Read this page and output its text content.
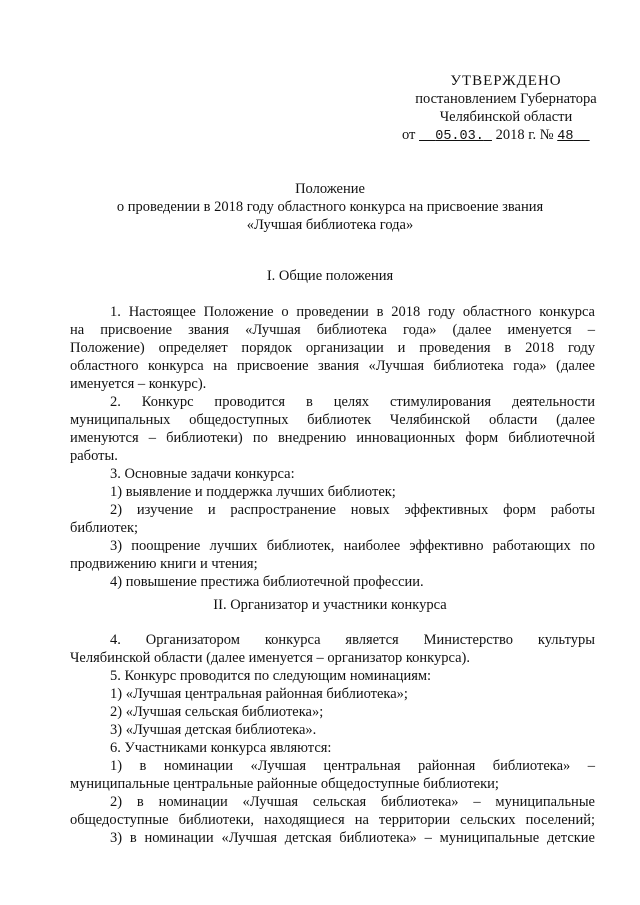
УТВЕРЖДЕНО
постановлением Губернатора
Челябинской области
от 05.03. 2018 г. № 48
Положение
о проведении в 2018 году областного конкурса на присвоение звания
«Лучшая библиотека года»
I. Общие положения

1. Настоящее Положение о проведении в 2018 году областного конкурса

на присвоение звания «Лучшая библиотека года» (далее именуется –

Положение) определяет порядок организации и проведения в 2018 году

областного конкурса на присвоение звания «Лучшая библиотека года» (далее

именуется – конкурс).

2. Конкурс проводится в целях стимулирования деятельности

муниципальных общедоступных библиотек Челябинской области (далее

именуются – библиотеки) по внедрению инновационных форм библиотечной

работы.

3. Основные задачи конкурса:

1) выявление и поддержка лучших библиотек;

2) изучение и распространение новых эффективных форм работы

библиотек;

3) поощрение лучших библиотек, наиболее эффективно работающих по

продвижению книги и чтения;

4) повышение престижа библиотечной профессии.

II. Организатор и участники конкурса

4. Организатором конкурса является Министерство культуры

Челябинской области (далее именуется – организатор конкурса).

5. Конкурс проводится по следующим номинациям:

1) «Лучшая центральная районная библиотека»;

2) «Лучшая сельская библиотека»;

3) «Лучшая детская библиотека».

6. Участниками конкурса являются:

1) в номинации «Лучшая центральная районная библиотека» –

муниципальные центральные районные общедоступные библиотеки;

2) в номинации «Лучшая сельская библиотека» – муниципальные

общедоступные библиотеки, находящиеся на территории сельских поселений;

3) в номинации «Лучшая детская библиотека» – муниципальные детские
